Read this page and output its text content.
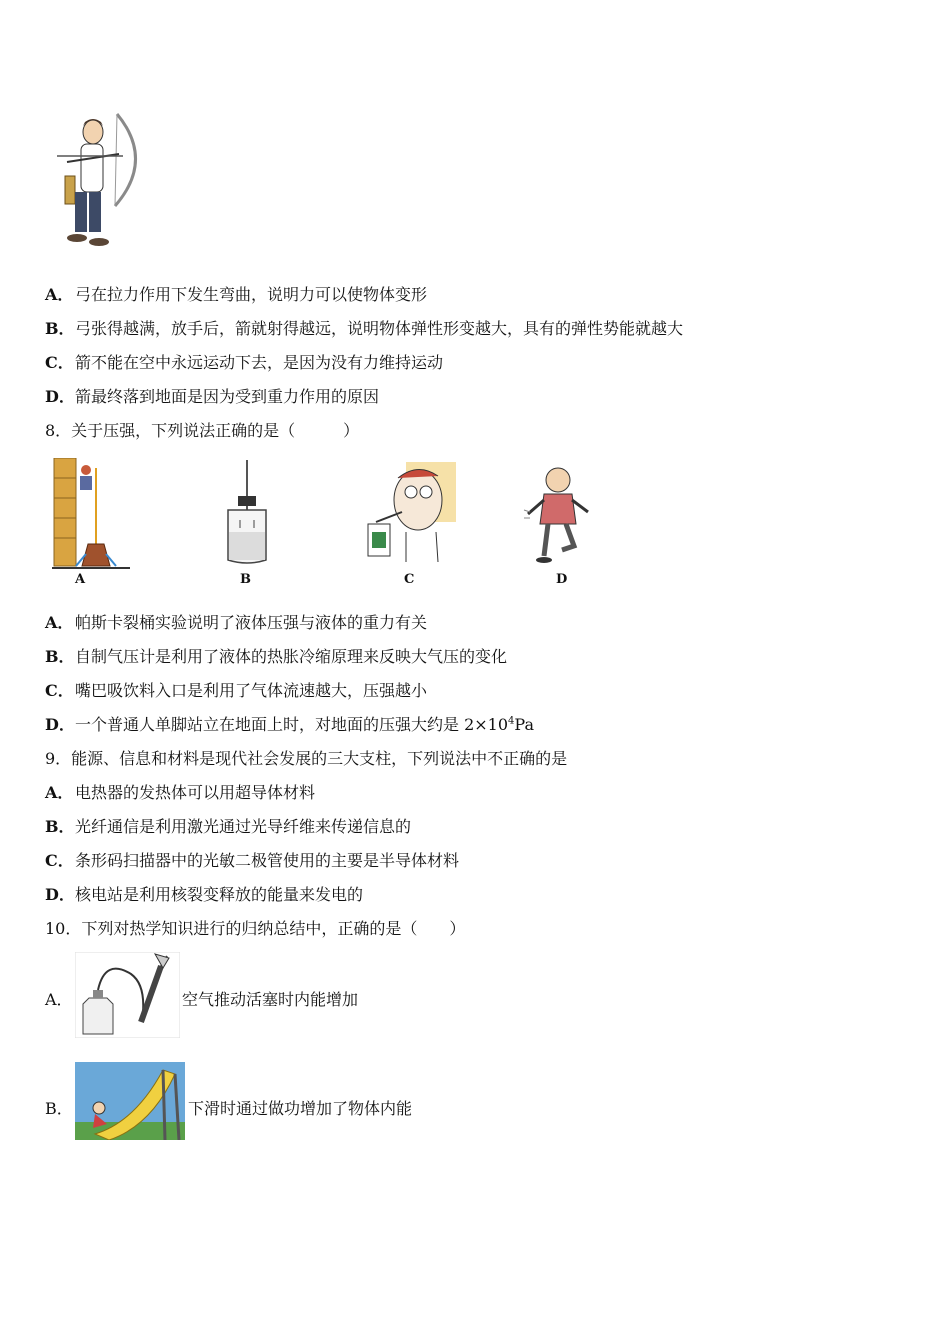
A．弓在拉力作用下发生弯曲，说明力可以使物体变形
B．弓张得越满，放手后，箭就射得越远，说明物体弹性形变越大，具有的弹性势能就越大
C．箭不能在空中永远运动下去，是因为没有力维持运动
D．箭最终落到地面是因为受到重力作用的原因
8．关于压强，下列说法正确的是（　　　）
A	B	C	D
A．帕斯卡裂桶实验说明了液体压强与液体的重力有关
B．自制气压计是利用了液体的热胀冷缩原理来反映大气压的变化
C．嘴巴吸饮料入口是利用了气体流速越大，压强越小
D．一个普通人单脚站立在地面上时，对地面的压强大约是 $2\times 10^4Pa$
9．能源、信息和材料是现代社会发展的三大支柱，下列说法中不正确的是
A．电热器的发热体可以用超导体材料
B．光纤通信是利用激光通过光导纤维来传递信息的
C．条形码扫描器中的光敏二极管使用的主要是半导体材料
D．核电站是利用核裂变释放的能量来发电的
10．下列对热学知识进行的归纳总结中，正确的是（　　）
A．	空气推动活塞时内能增加
B．	下滑时通过做功增加了物体内能
